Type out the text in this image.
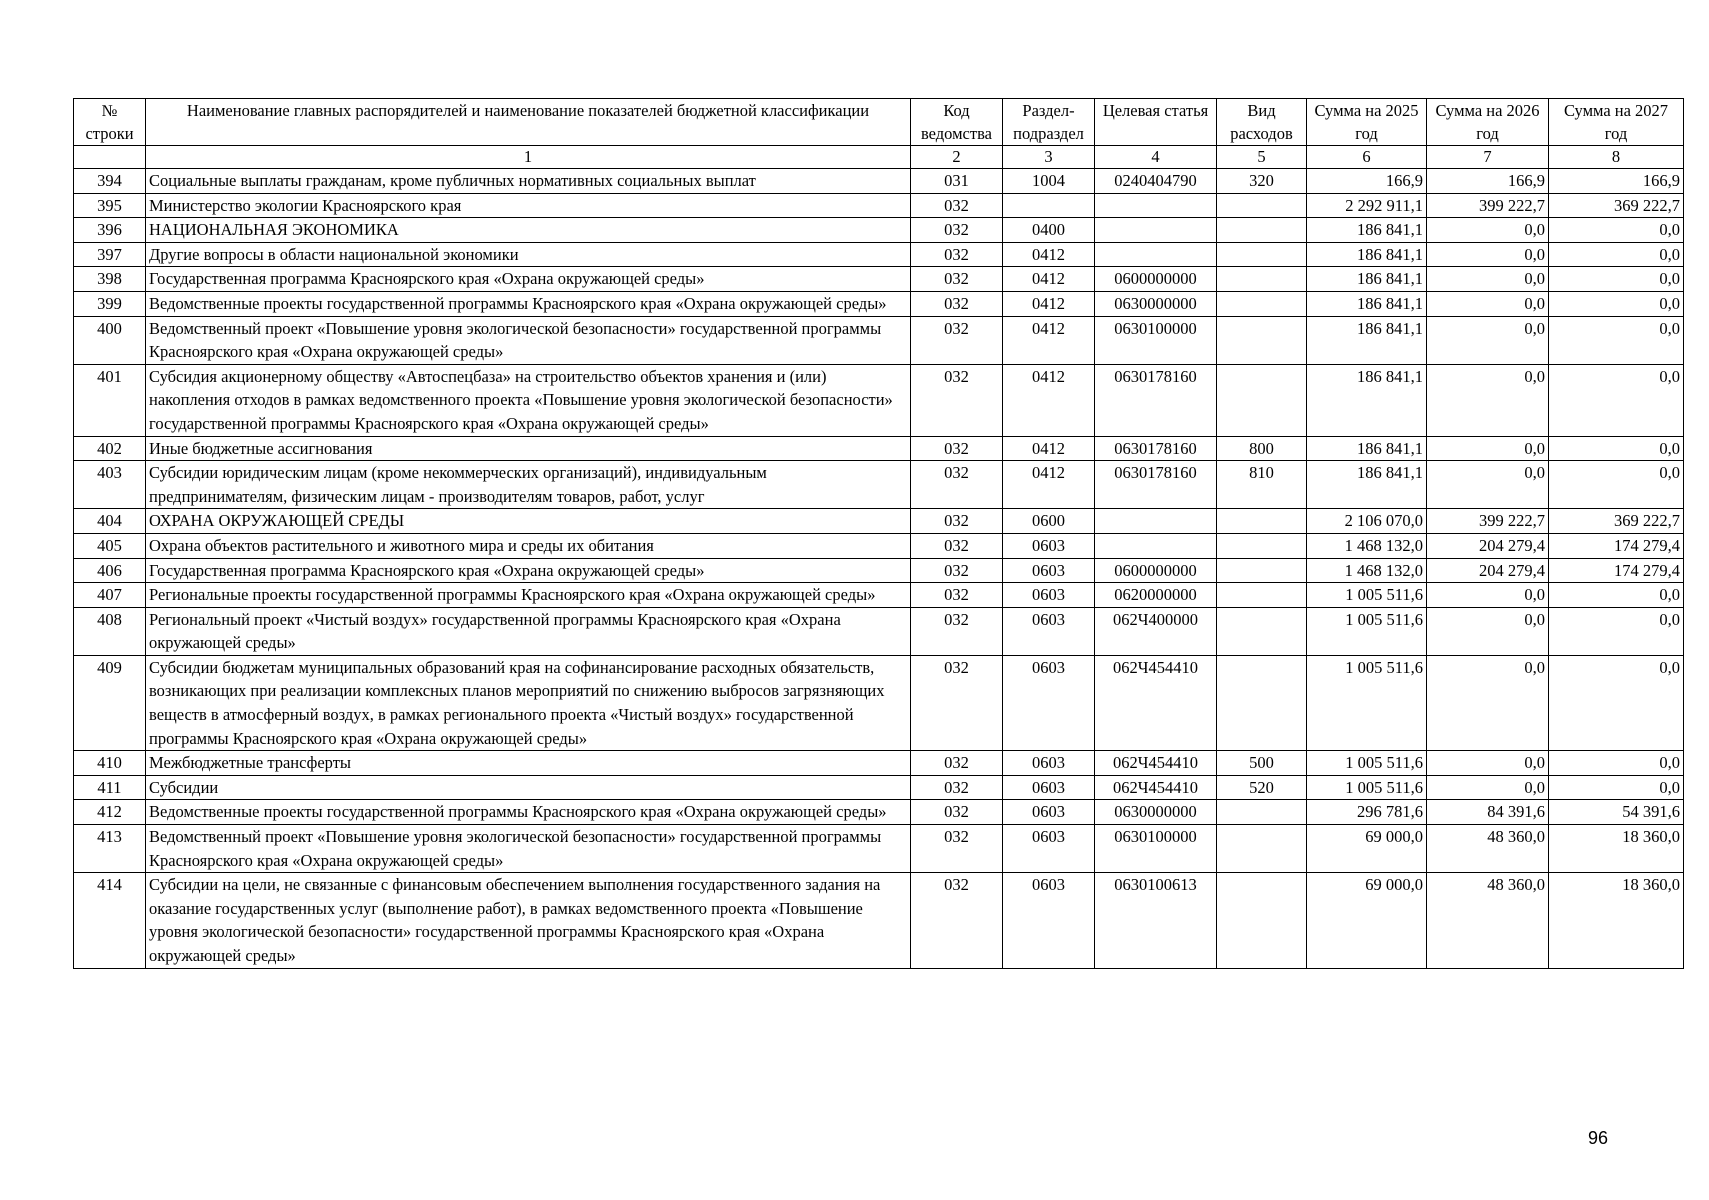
№ строки	Наименование главных распорядителей и наименование показателей бюджетной классификации	Код ведомства	Раздел-подраздел	Целевая статья	Вид расходов	Сумма на 2025 год	Сумма на 2026 год	Сумма на 2027 год
	1	2	3	4	5	6	7	8
394	Социальные выплаты гражданам, кроме публичных нормативных социальных выплат	031	1004	0240404790	320	166,9	166,9	166,9
395	Министерство экологии Красноярского края	032				2 292 911,1	399 222,7	369 222,7
396	НАЦИОНАЛЬНАЯ ЭКОНОМИКА	032	0400			186 841,1	0,0	0,0
397	Другие вопросы в области национальной экономики	032	0412			186 841,1	0,0	0,0
398	Государственная программа Красноярского края «Охрана окружающей среды»	032	0412	0600000000		186 841,1	0,0	0,0
399	Ведомственные проекты государственной программы Красноярского края «Охрана окружающей среды»	032	0412	0630000000		186 841,1	0,0	0,0
400	Ведомственный проект «Повышение уровня экологической безопасности» государственной программы Красноярского края «Охрана окружающей среды»	032	0412	0630100000		186 841,1	0,0	0,0
401	Субсидия акционерному обществу «Автоспецбаза» на строительство объектов хранения и (или) накопления отходов в рамках ведомственного проекта «Повышение уровня экологической безопасности» государственной программы Красноярского края «Охрана окружающей среды»	032	0412	0630178160		186 841,1	0,0	0,0
402	Иные бюджетные ассигнования	032	0412	0630178160	800	186 841,1	0,0	0,0
403	Субсидии юридическим лицам (кроме некоммерческих организаций), индивидуальным предпринимателям, физическим лицам - производителям товаров, работ, услуг	032	0412	0630178160	810	186 841,1	0,0	0,0
404	ОХРАНА ОКРУЖАЮЩЕЙ СРЕДЫ	032	0600			2 106 070,0	399 222,7	369 222,7
405	Охрана объектов растительного и животного мира и среды их обитания	032	0603			1 468 132,0	204 279,4	174 279,4
406	Государственная программа Красноярского края «Охрана окружающей среды»	032	0603	0600000000		1 468 132,0	204 279,4	174 279,4
407	Региональные проекты государственной программы Красноярского края «Охрана окружающей среды»	032	0603	0620000000		1 005 511,6	0,0	0,0
408	Региональный проект «Чистый воздух» государственной программы Красноярского края «Охрана окружающей среды»	032	0603	062Ч400000		1 005 511,6	0,0	0,0
409	Субсидии бюджетам муниципальных образований края на софинансирование расходных обязательств, возникающих при реализации комплексных планов мероприятий по снижению выбросов загрязняющих веществ в атмосферный воздух, в рамках регионального проекта «Чистый воздух» государственной программы Красноярского края «Охрана окружающей среды»	032	0603	062Ч454410		1 005 511,6	0,0	0,0
410	Межбюджетные трансферты	032	0603	062Ч454410	500	1 005 511,6	0,0	0,0
411	Субсидии	032	0603	062Ч454410	520	1 005 511,6	0,0	0,0
412	Ведомственные проекты государственной программы Красноярского края «Охрана окружающей среды»	032	0603	0630000000		296 781,6	84 391,6	54 391,6
413	Ведомственный проект «Повышение уровня экологической безопасности» государственной программы Красноярского края «Охрана окружающей среды»	032	0603	0630100000		69 000,0	48 360,0	18 360,0
414	Субсидии на цели, не связанные с финансовым обеспечением выполнения государственного задания на оказание государственных услуг (выполнение работ), в рамках ведомственного проекта «Повышение уровня экологической безопасности» государственной программы Красноярского края «Охрана окружающей среды»	032	0603	0630100613		69 000,0	48 360,0	18 360,0
96
